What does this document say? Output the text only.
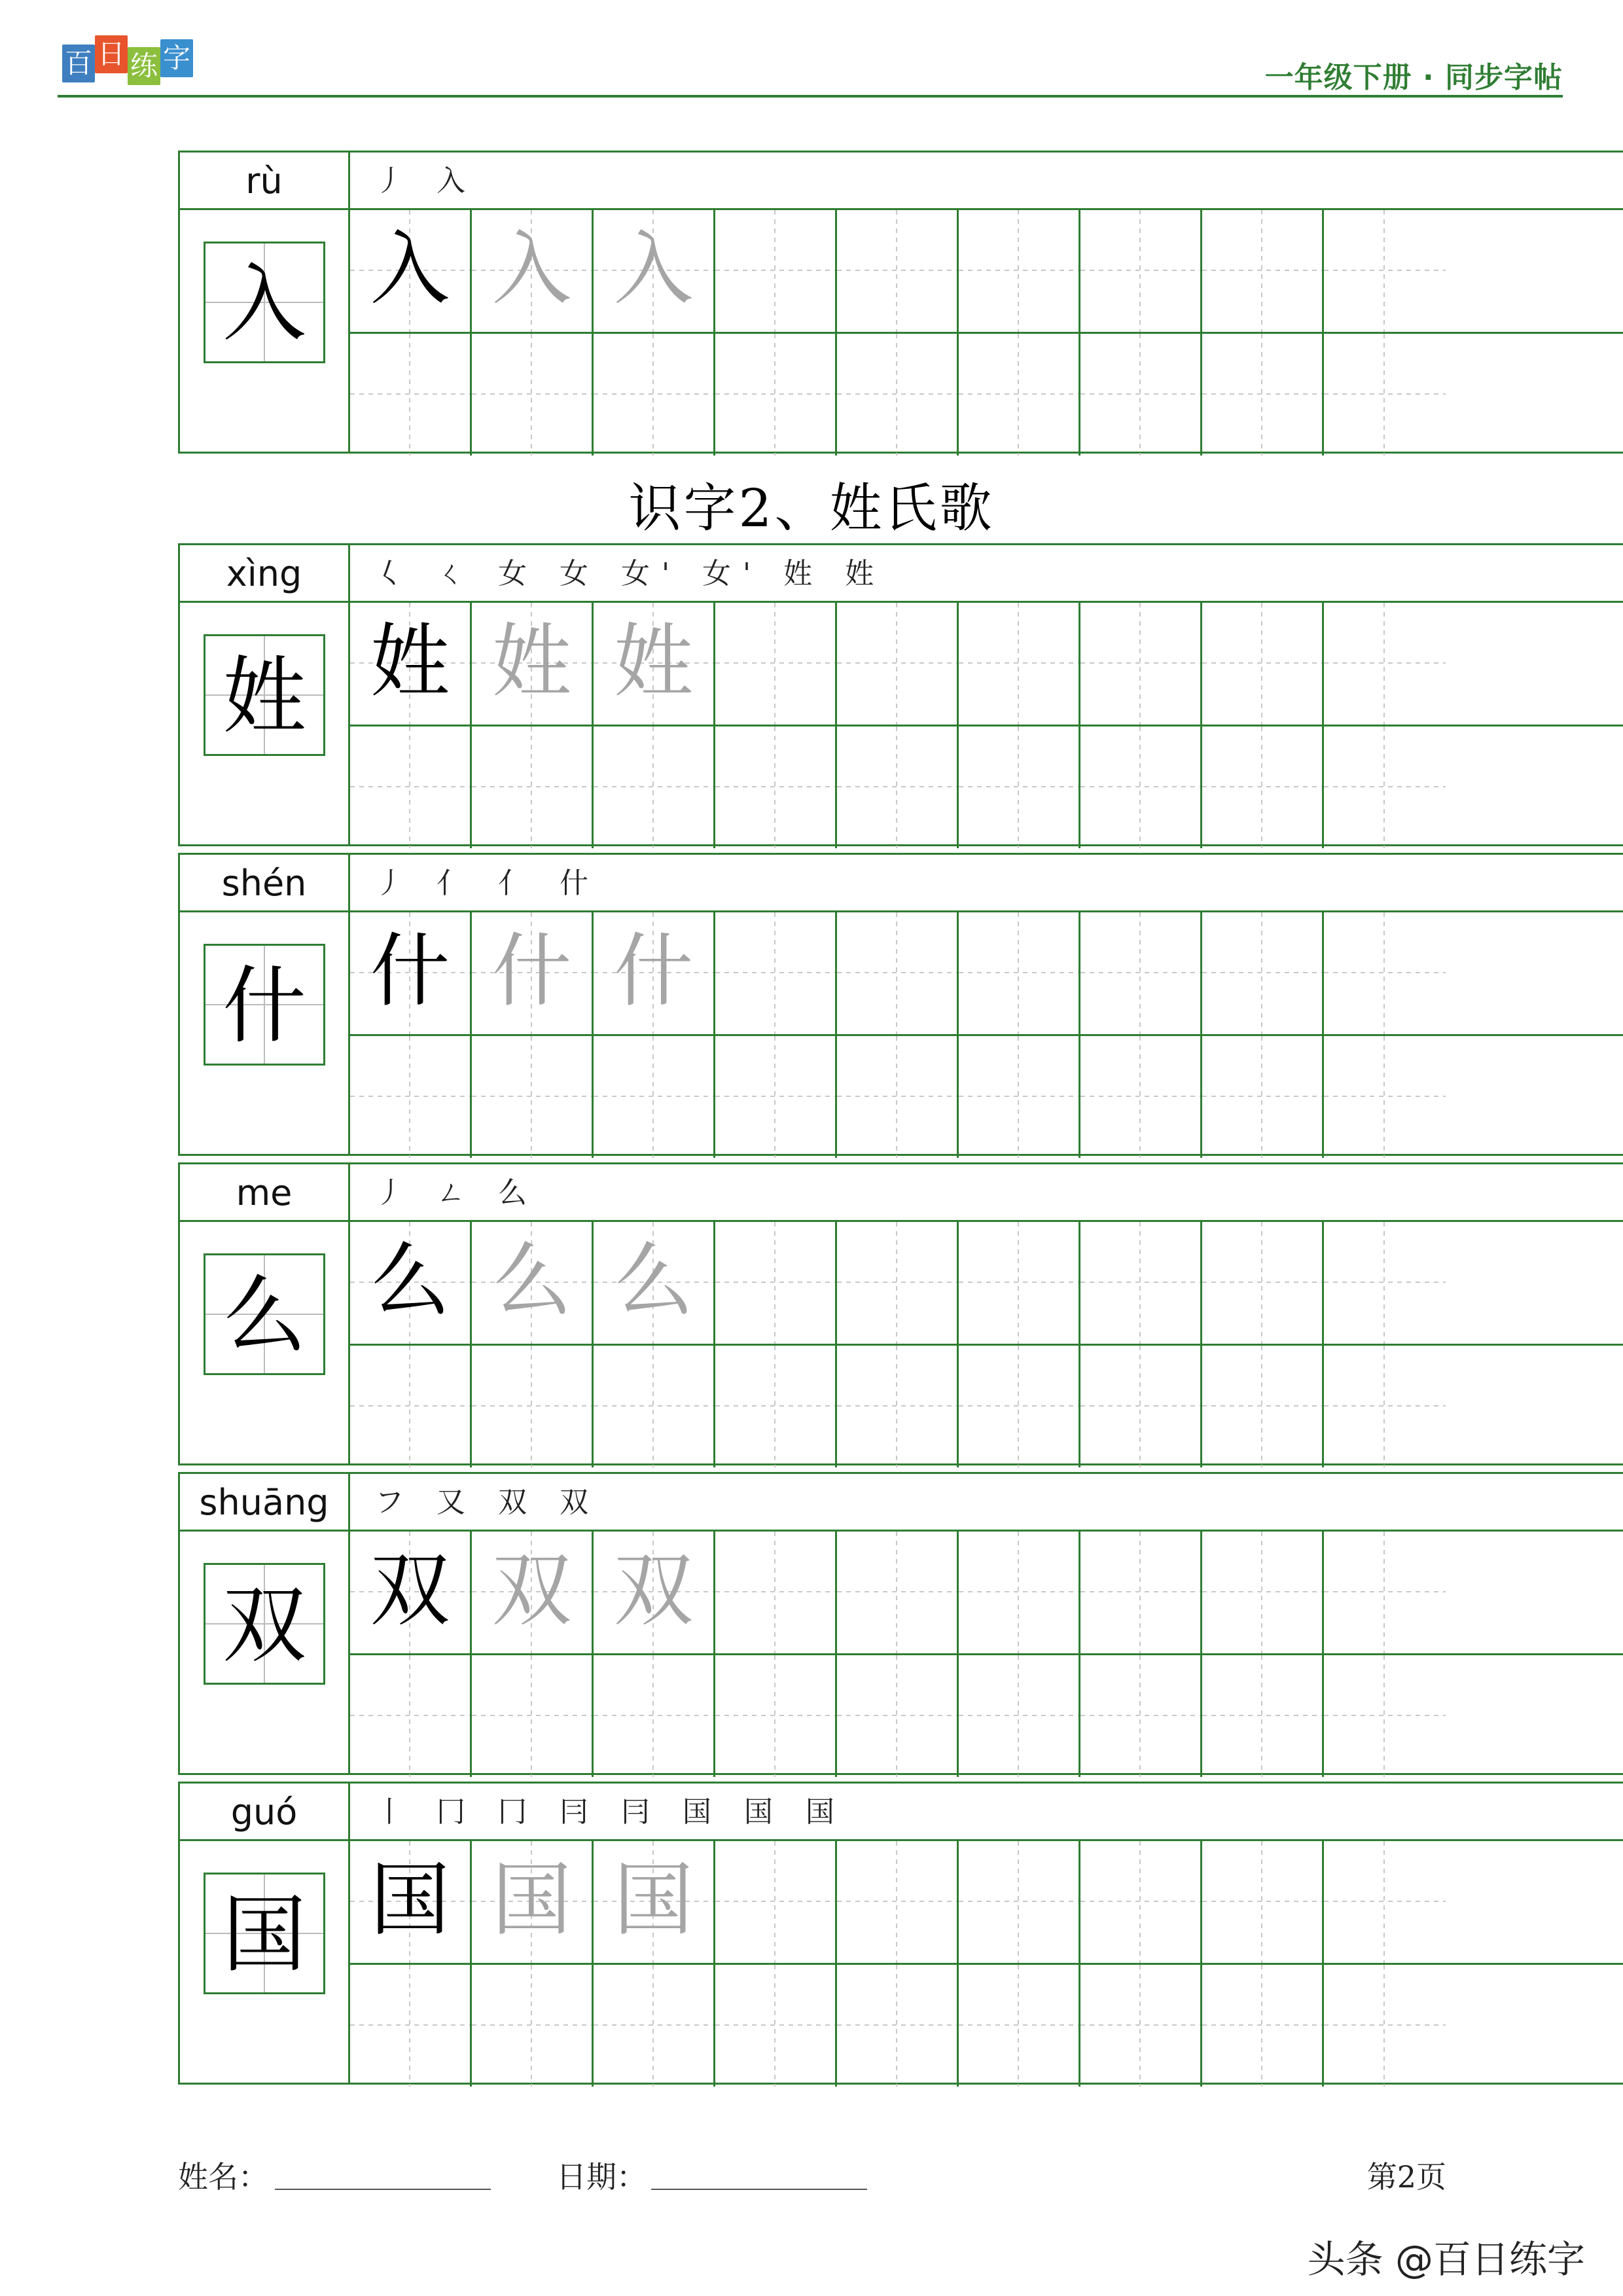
百 日 练 字
一年级下册 · 同步字帖
rù	丿 入
入 入 入 入
识字2、姓氏歌
xìng	𡿨 ㄑ 女 女 女' 女' 姓 姓
姓 姓 姓 姓
shén	丿 亻 亻 什
什 什 什 什
me	丿 ㄥ 么
么 么 么 么
shuāng	フ 又 双 双
双 双 双 双
guó	丨 冂 冂 冃 冃 国 国 国
国 国 国 国
姓名：	日期：	第2页
头条 @百日练字
